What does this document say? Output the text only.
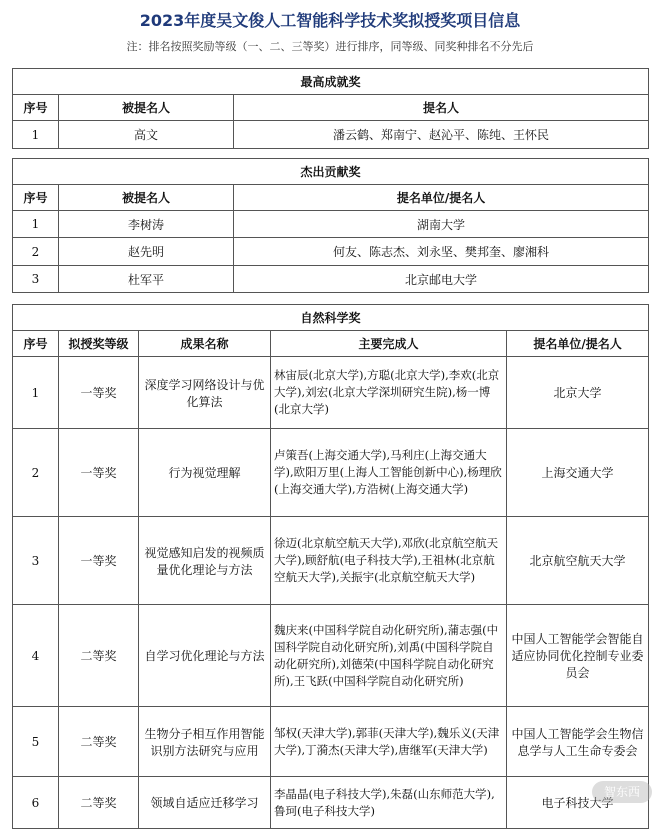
2023年度吴文俊人工智能科学技术奖拟授奖项目信息
注：排名按照奖励等级（一、二、三等奖）进行排序，同等级、同奖种排名不分先后
最高成就奖		
序号	被提名人	提名人
1	高文	潘云鹤、郑南宁、赵沁平、陈纯、王怀民
杰出贡献奖		
序号	被提名人	提名单位/提名人
1	李树涛	湖南大学
2	赵先明	何友、陈志杰、刘永坚、樊邦奎、廖湘科
3	杜军平	北京邮电大学
自然科学奖				
序号	拟授奖等级	成果名称	主要完成人	提名单位/提名人
1	一等奖	深度学习网络设计与优化算法	林宙辰(北京大学),方聪(北京大学),李欢(北京大学),刘宏(北京大学深圳研究生院),杨一博(北京大学)	北京大学
2	一等奖	行为视觉理解	卢策吾(上海交通大学),马利庄(上海交通大学),欧阳万里(上海人工智能创新中心),杨理欣(上海交通大学),方浩树(上海交通大学)	上海交通大学
3	一等奖	视觉感知启发的视频质量优化理论与方法	徐迈(北京航空航天大学),邓欣(北京航空航天大学),顾舒航(电子科技大学),王祖林(北京航空航天大学),关振宇(北京航空航天大学)	北京航空航天大学
4	二等奖	自学习优化理论与方法	魏庆来(中国科学院自动化研究所),蒲志强(中国科学院自动化研究所),刘禹(中国科学院自动化研究所),刘德荣(中国科学院自动化研究所),王飞跃(中国科学院自动化研究所)	中国人工智能学会智能自适应协同优化控制专业委员会
5	二等奖	生物分子相互作用智能识别方法研究与应用	邹权(天津大学),郭菲(天津大学),魏乐义(天津大学),丁漪杰(天津大学),唐继军(天津大学)	中国人工智能学会生物信息学与人工生命专委会
6	二等奖	领域自适应迁移学习	李晶晶(电子科技大学),朱磊(山东师范大学),鲁珂(电子科技大学)	电子科技大学
智东西
